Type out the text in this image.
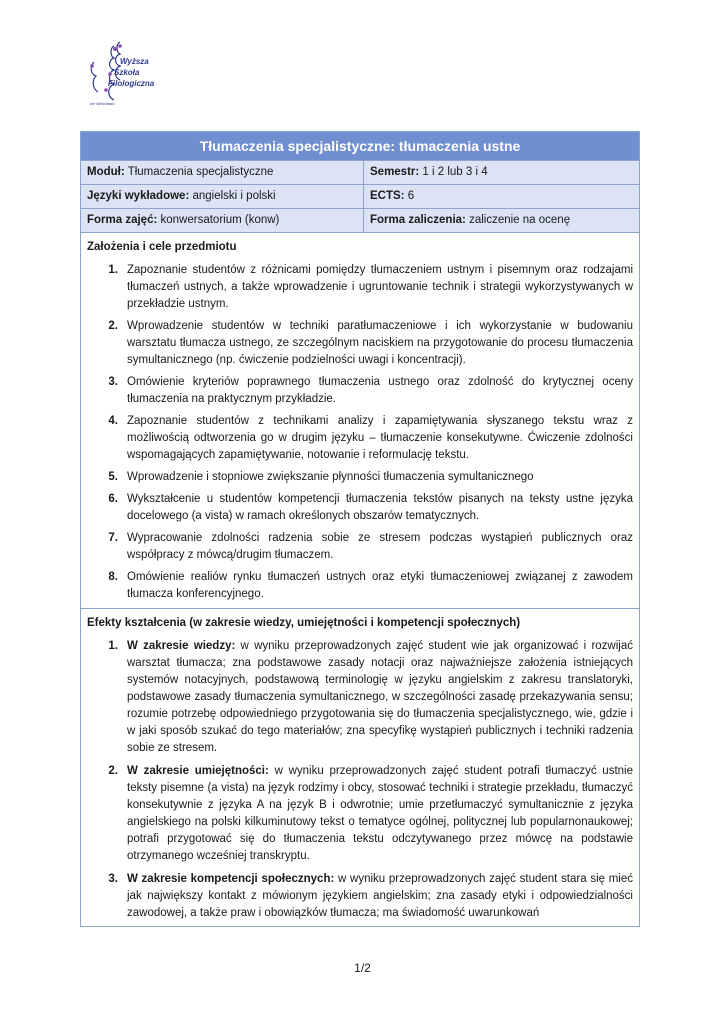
Wyższa
Szkoła
Filologiczna
we Wrocławiu
Tłumaczenia specjalistyczne: tłumaczenia ustne
Moduł: Tłumaczenia specjalistyczne	Semestr: 1 i 2 lub 3 i 4
Języki wykładowe: angielski i polski	ECTS: 6
Forma zajęć: konwersatorium (konw)	Forma zaliczenia: zaliczenie na ocenę
Założenia i cele przedmiotu
1. Zapoznanie studentów z różnicami pomiędzy tłumaczeniem ustnym i pisemnym oraz rodzajami tłumaczeń ustnych, a także wprowadzenie i ugruntowanie technik i strategii wykorzystywanych w przekładzie ustnym.
2. Wprowadzenie studentów w techniki paratłumaczeniowe i ich wykorzystanie w budowaniu warsztatu tłumacza ustnego, ze szczególnym naciskiem na przygotowanie do procesu tłumaczenia symultanicznego (np. ćwiczenie podzielności uwagi i koncentracji).
3. Omówienie kryteriów poprawnego tłumaczenia ustnego oraz zdolność do krytycznej oceny tłumaczenia na praktycznym przykładzie.
4. Zapoznanie studentów z technikami analizy i zapamiętywania słyszanego tekstu wraz z możliwością odtworzenia go w drugim języku – tłumaczenie konsekutywne. Ćwiczenie zdolności wspomagających zapamiętywanie, notowanie i reformulację tekstu.
5. Wprowadzenie i stopniowe zwiększanie płynności tłumaczenia symultanicznego
6. Wykształcenie u studentów kompetencji tłumaczenia tekstów pisanych na teksty ustne języka docelowego (a vista) w ramach określonych obszarów tematycznych.
7. Wypracowanie zdolności radzenia sobie ze stresem podczas wystąpień publicznych oraz współpracy z mówcą/drugim tłumaczem.
8. Omówienie realiów rynku tłumaczeń ustnych oraz etyki tłumaczeniowej związanej z zawodem tłumacza konferencyjnego.
Efekty kształcenia (w zakresie wiedzy, umiejętności i kompetencji społecznych)
1. W zakresie wiedzy: w wyniku przeprowadzonych zajęć student wie jak organizować i rozwijać warsztat tłumacza; zna podstawowe zasady notacji oraz najważniejsze założenia istniejących systemów notacyjnych, podstawową terminologię w języku angielskim z zakresu translatoryki, podstawowe zasady tłumaczenia symultanicznego, w szczególności zasadę przekazywania sensu; rozumie potrzebę odpowiedniego przygotowania się do tłumaczenia specjalistycznego, wie, gdzie i w jaki sposób szukać do tego materiałów; zna specyfikę wystąpień publicznych i techniki radzenia sobie ze stresem.
2. W zakresie umiejętności: w wyniku przeprowadzonych zajęć student potrafi tłumaczyć ustnie teksty pisemne (a vista) na język rodzimy i obcy, stosować techniki i strategie przekładu, tłumaczyć konsekutywnie z języka A na język B i odwrotnie; umie przetłumaczyć symultanicznie z języka angielskiego na polski kilkuminutowy tekst o tematyce ogólnej, politycznej lub popularnonaukowej; potrafi przygotować się do tłumaczenia tekstu odczytywanego przez mówcę na podstawie otrzymanego wcześniej transkryptu.
3. W zakresie kompetencji społecznych: w wyniku przeprowadzonych zajęć student stara się mieć jak największy kontakt z mówionym językiem angielskim; zna zasady etyki i odpowiedzialności zawodowej, a także praw i obowiązków tłumacza; ma świadomość uwarunkowań
1/2
